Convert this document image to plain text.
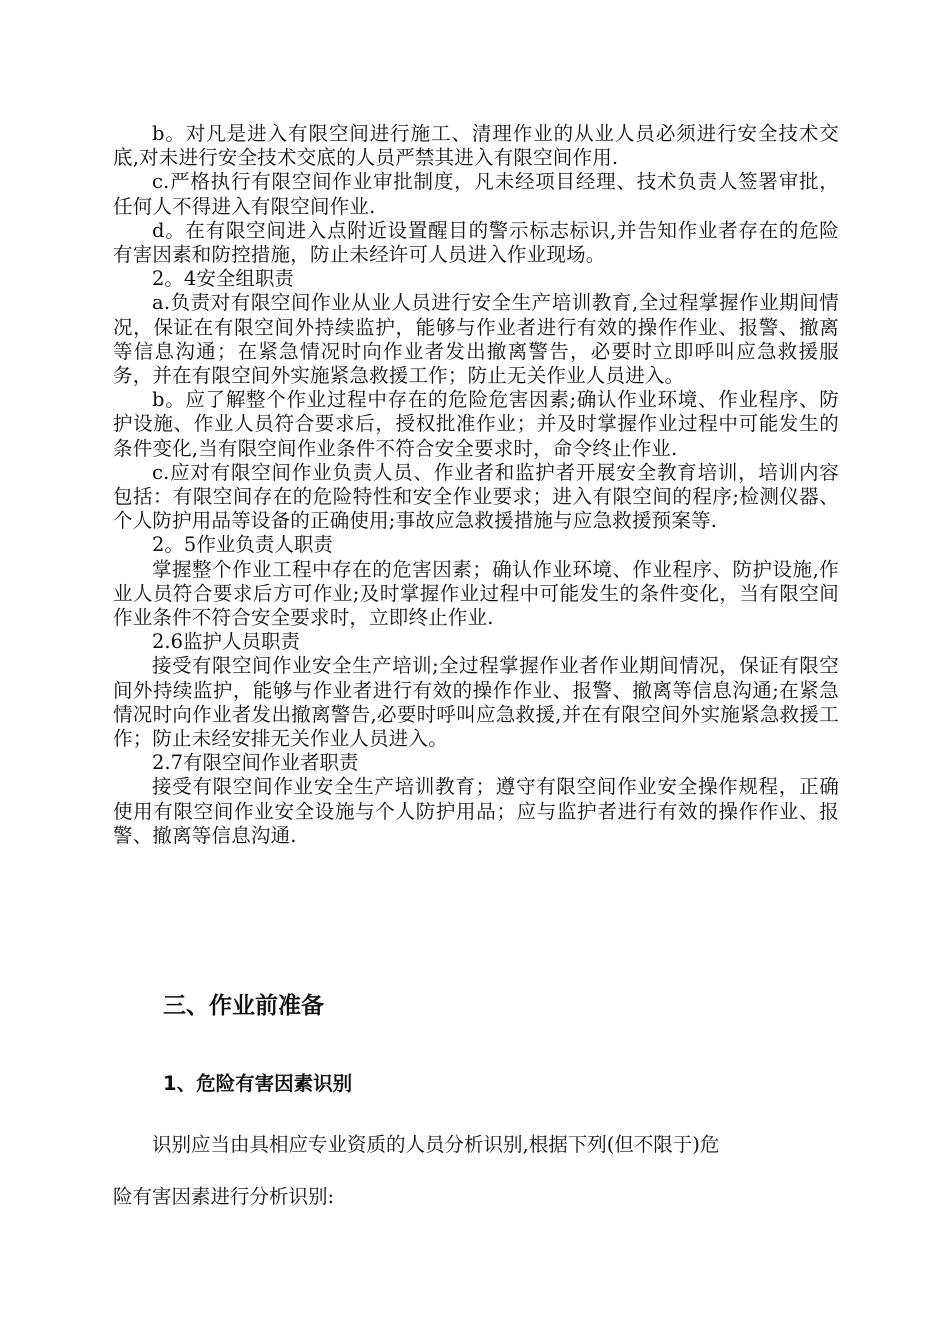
b。对凡是进入有限空间进行施工、清理作业的从业人员必须进行安全技术交底,对未进行安全技术交底的人员严禁其进入有限空间作用.

c.严格执行有限空间作业审批制度，凡未经项目经理、技术负责人签署审批，任何人不得进入有限空间作业.

d。在有限空间进入点附近设置醒目的警示标志标识,并告知作业者存在的危险有害因素和防控措施，防止未经许可人员进入作业现场。

2。4安全组职责

a.负责对有限空间作业从业人员进行安全生产培训教育,全过程掌握作业期间情况，保证在有限空间外持续监护，能够与作业者进行有效的操作作业、报警、撤离等信息沟通；在紧急情况时向作业者发出撤离警告，必要时立即呼叫应急救援服务，并在有限空间外实施紧急救援工作；防止无关作业人员进入。

b。应了解整个作业过程中存在的危险危害因素;确认作业环境、作业程序、防护设施、作业人员符合要求后，授权批准作业；并及时掌握作业过程中可能发生的条件变化,当有限空间作业条件不符合安全要求时，命令终止作业.

c.应对有限空间作业负责人员、作业者和监护者开展安全教育培训，培训内容包括：有限空间存在的危险特性和安全作业要求；进入有限空间的程序;检测仪器、个人防护用品等设备的正确使用;事故应急救援措施与应急救援预案等.

2。5作业负责人职责

掌握整个作业工程中存在的危害因素；确认作业环境、作业程序、防护设施,作业人员符合要求后方可作业;及时掌握作业过程中可能发生的条件变化，当有限空间作业条件不符合安全要求时，立即终止作业.

2.6监护人员职责

接受有限空间作业安全生产培训;全过程掌握作业者作业期间情况，保证有限空间外持续监护，能够与作业者进行有效的操作作业、报警、撤离等信息沟通;在紧急情况时向作业者发出撤离警告,必要时呼叫应急救援,并在有限空间外实施紧急救援工作；防止未经安排无关作业人员进入。

2.7有限空间作业者职责

接受有限空间作业安全生产培训教育；遵守有限空间作业安全操作规程，正确使用有限空间作业安全设施与个人防护用品；应与监护者进行有效的操作作业、报警、撤离等信息沟通.

三、作业前准备
1、危险有害因素识别

识别应当由具相应专业资质的人员分析识别,根据下列(但不限于)危

险有害因素进行分析识别:
